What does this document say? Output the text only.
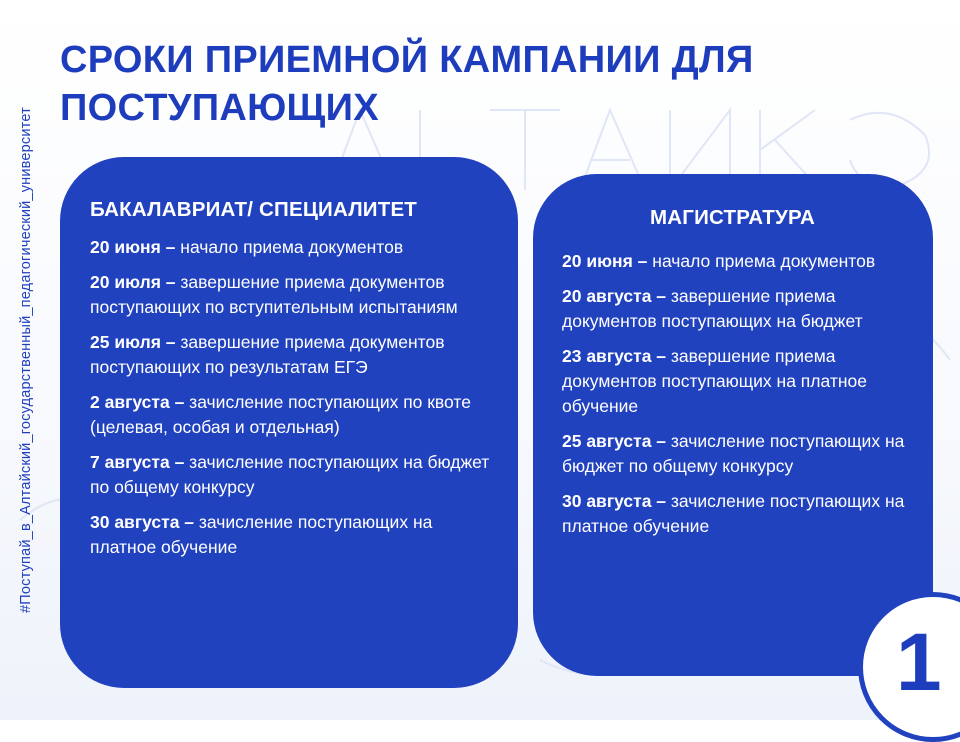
#Поступай_в_Алтайский_государственный_педагогический_университет
СРОКИ ПРИЕМНОЙ КАМПАНИИ ДЛЯ ПОСТУПАЮЩИХ
БАКАЛАВРИАТ/ СПЕЦИАЛИТЕТ
20 июня – начало приема документов
20 июля – завершение приема документов поступающих по вступительным испытаниям
25 июля – завершение приема документов поступающих по результатам ЕГЭ
2 августа – зачисление поступающих по квоте (целевая, особая и отдельная)
7 августа – зачисление поступающих на бюджет по общему конкурсу
30 августа – зачисление поступающих на платное обучение
МАГИСТРАТУРА
20 июня – начало приема документов
20 августа – завершение приема документов поступающих на бюджет
23 августа – завершение приема документов поступающих на платное обучение
25 августа – зачисление поступающих на бюджет по общему конкурсу
30 августа – зачисление поступающих на платное обучение
1
